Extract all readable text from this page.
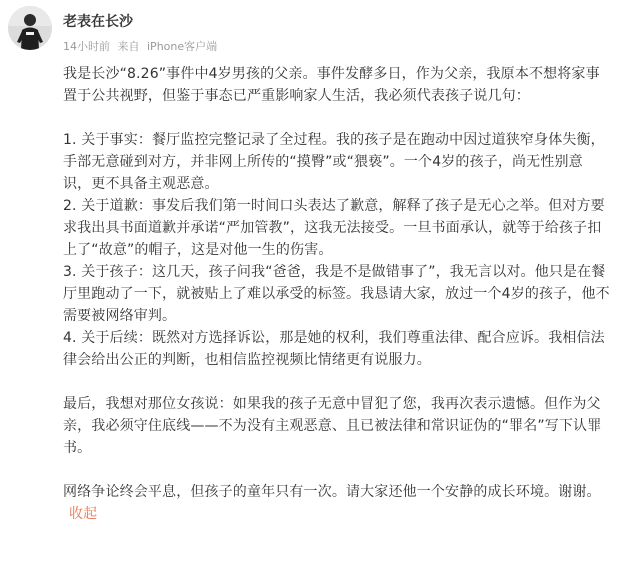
老表在长沙
14小时前 来自 iPhone客户端

我是长沙“8.26”事件中4岁男孩的父亲。事件发酵多日，作为父亲，我原本不想将家事置于公共视野，但鉴于事态已严重影响家人生活，我必须代表孩子说几句：

1. 关于事实：餐厅监控完整记录了全过程。我的孩子是在跑动中因过道狭窄身体失衡，手部无意碰到对方，并非网上所传的“摸臀”或“猥亵”。一个4岁的孩子，尚无性别意识，更不具备主观恶意。

2. 关于道歉：事发后我们第一时间口头表达了歉意，解释了孩子是无心之举。但对方要求我出具书面道歉并承诺“严加管教”，这我无法接受。一旦书面承认，就等于给孩子扣上了“故意”的帽子，这是对他一生的伤害。

3. 关于孩子：这几天，孩子问我“爸爸，我是不是做错事了”，我无言以对。他只是在餐厅里跑动了一下，就被贴上了难以承受的标签。我恳请大家，放过一个4岁的孩子，他不需要被网络审判。

4. 关于后续：既然对方选择诉讼，那是她的权利，我们尊重法律、配合应诉。我相信法律会给出公正的判断，也相信监控视频比情绪更有说服力。

最后，我想对那位女孩说：如果我的孩子无意中冒犯了您，我再次表示遗憾。但作为父亲，我必须守住底线——不为没有主观恶意、且已被法律和常识证伪的“罪名”写下认罪书。

网络争论终会平息，但孩子的童年只有一次。请大家还他一个安静的成长环境。谢谢。收起
